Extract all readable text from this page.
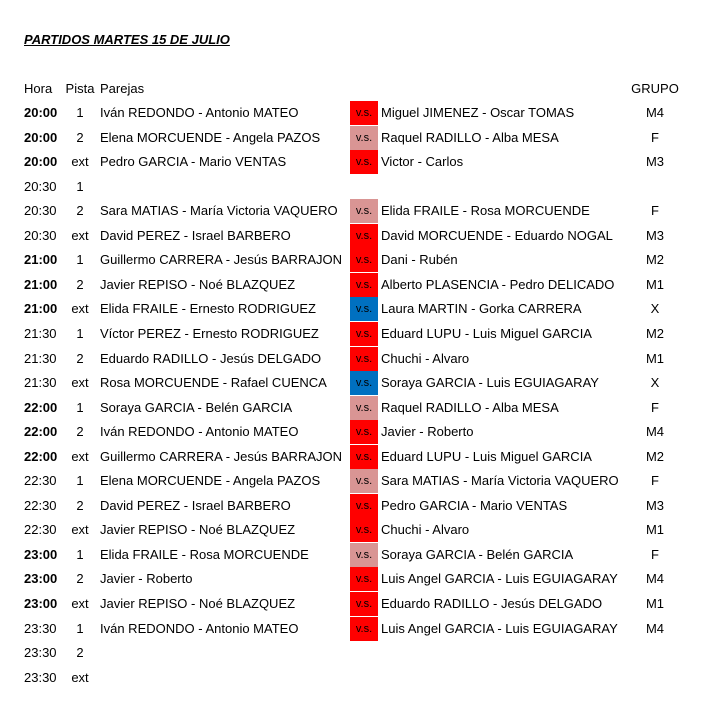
PARTIDOS MARTES 15 DE JULIO
Hora	Pista Parejas	GRUPO
20:00	1	Iván REDONDO - Antonio MATEO	v.s. Miguel JIMENEZ - Oscar TOMAS	M4
20:00	2	Elena MORCUENDE - Angela PAZOS	v.s. Raquel RADILLO - Alba MESA	F
20:00	ext Pedro GARCIA - Mario VENTAS	v.s. Victor - Carlos	M3
20:30	1
20:30	2	Sara MATIAS - María Victoria VAQUERO	v.s. Elida FRAILE - Rosa MORCUENDE	F
20:30	ext David PEREZ - Israel BARBERO	v.s. David MORCUENDE - Eduardo NOGAL	M3
21:00	1	Guillermo CARRERA - Jesús BARRAJON	v.s. Dani - Rubén	M2
21:00	2	Javier REPISO - Noé BLAZQUEZ	v.s. Alberto PLASENCIA - Pedro DELICADO	M1
21:00	ext Elida FRAILE - Ernesto RODRIGUEZ	v.s. Laura MARTIN - Gorka CARRERA	X
21:30	1	Víctor PEREZ - Ernesto RODRIGUEZ	v.s. Eduard LUPU - Luis Miguel GARCIA	M2
21:30	2	Eduardo RADILLO - Jesús DELGADO	v.s. Chuchi - Alvaro	M1
21:30	ext Rosa MORCUENDE - Rafael CUENCA	v.s. Soraya GARCIA - Luis EGUIAGARAY	X
22:00	1	Soraya GARCIA - Belén GARCIA	v.s. Raquel RADILLO - Alba MESA	F
22:00	2	Iván REDONDO - Antonio MATEO	v.s. Javier - Roberto	M4
22:00	ext Guillermo CARRERA - Jesús BARRAJON	v.s. Eduard LUPU - Luis Miguel GARCIA	M2
22:30	1	Elena MORCUENDE - Angela PAZOS	v.s. Sara MATIAS - María Victoria VAQUERO	F
22:30	2	David PEREZ - Israel BARBERO	v.s. Pedro GARCIA - Mario VENTAS	M3
22:30	ext Javier REPISO - Noé BLAZQUEZ	v.s. Chuchi - Alvaro	M1
23:00	1	Elida FRAILE - Rosa MORCUENDE	v.s. Soraya GARCIA - Belén GARCIA	F
23:00	2	Javier - Roberto	v.s. Luis Angel GARCIA - Luis EGUIAGARAY	M4
23:00	ext Javier REPISO - Noé BLAZQUEZ	v.s. Eduardo RADILLO - Jesús DELGADO	M1
23:30	1	Iván REDONDO - Antonio MATEO	v.s. Luis Angel GARCIA - Luis EGUIAGARAY	M4
23:30	2
23:30	ext
